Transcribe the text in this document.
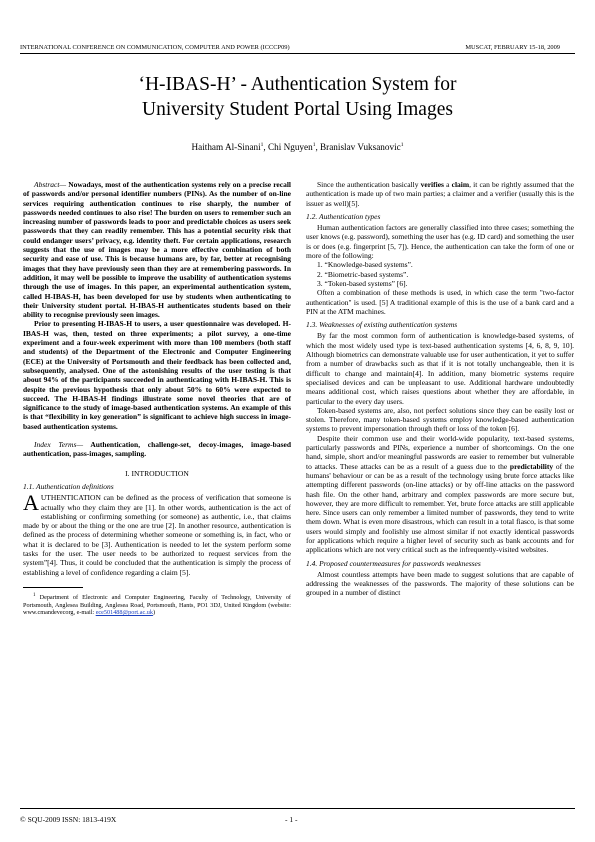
INTERNATIONAL CONFERENCE ON COMMUNICATION, COMPUTER AND POWER (ICCCP09)	MUSCAT, FEBRUARY 15-18, 2009
‘H-IBAS-H’ - Authentication System for
University Student Portal Using Images
Haitham Al-Sinani$^1$, Chi Nguyen$^1$, Branislav Vuksanovic$^1$

Abstract— Nowadays, most of the authentication systems rely on a precise recall of passwords and/or personal identifier numbers (PINs). As the number of on-line services requiring authentication continues to rise sharply, the number of passwords needed continues to also rise! The burden on users to remember such an increasing number of passwords leads to poor and predictable choices as users seek passwords that they can readily remember. This has a potential security risk that could endanger users’ privacy, e.g. identity theft. For certain applications, research suggests that the use of images may be a more effective combination of both security and ease of use. This is because humans are, by far, better at recognising images that they have previously seen than they are at remembering passwords. In addition, it may well be possible to improve the usability of authentication systems through the use of images. In this paper, an experimental authentication system, called H-IBAS-H, has been developed for use by students when authenticating to their University student portal. H-IBAS-H authenticates students based on their ability to recognise previously seen images.

Prior to presenting H-IBAS-H to users, a user questionnaire was developed. H-IBAS-H was, then, tested on three experiments; a pilot survey, a one-time experiment and a four-week experiment with more than 100 members (both staff and students) of the Department of the Electronic and Computer Engineering (ECE) at the University of Portsmouth and their feedback has been collected and, subsequently, analysed. One of the astonishing results of the user testing is that about 94% of the participants succeeded in authenticating with H-IBAS-H. This is despite the previous hypothesis that only about 50% to 60% were expected to succeed. The H-IBAS-H findings illustrate some novel theories that are of significance to the study of image-based authentication systems. An example of this is that “flexibility in key generation” is significant to achieve high success in image-based authentication systems.

Index Terms— Authentication, challenge-set, decoy-images, image-based authentication, pass-images, sampling.

I. INTRODUCTION

1.1. Authentication definitions

AUTHENTICATION can be defined as the process of verification that someone is actually who they claim they are [1]. In other words, authentication is the act of establishing or confirming something (or someone) as authentic, i.e., that claims made by or about the thing or the one are true [2]. In another resource, authentication is defined as the process of determining whether someone or something is, in fact, who or what it is declared to be [3]. Authentication is needed to let the system perform some tasks for the user. The user needs to be authorized to request services from the system”[4]. Thus, it could be concluded that the authentication is simply the process of establishing a level of confidence regarding a claim [5].

$^1$ Department of Electronic and Computer Engineering, Faculty of Technology, University of Portsmouth, Anglesea Building, Anglesea Road, Portsmouth, Hants, PO1 3DJ, United Kingdom (website: www.cmandevecorg, e-mail: ece501488@port.ac.uk)

Since the authentication basically verifies a claim, it can be rightly assumed that the authentication is made up of two main parties; a claimer and a verifier (usually this is the issuer as well)[5].

1.2. Authentication types

Human authentication factors are generally classified into three cases; something the user knows (e.g. password), something the user has (e.g. ID card) and something the user is or does (e.g. fingerprint [5, 7]). Hence, the authentication can take the form of one or more of the following:

1. “Knowledge-based systems”.

2. “Biometric-based systems”.

3. “Token-based systems” [6].

Often a combination of these methods is used, in which case the term "two-factor authentication" is used. [5] A traditional example of this is the use of a bank card and a PIN at the ATM machines.

1.3. Weaknesses of existing authentication systems

By far the most common form of authentication is knowledge-based systems, of which the most widely used type is text-based authentication systems [4, 6, 8, 9, 10]. Although biometrics can demonstrate valuable use for user authentication, it yet to suffer from a number of drawbacks such as that if it is not totally unchangeable, then it is difficult to change and maintain[4]. In addition, many biometric systems require specialised devices and can be unpleasant to use. Additional hardware undoubtedly means additional cost, which raises questions about whether they are affordable, in particular to the every day users.

Token-based systems are, also, not perfect solutions since they can be easily lost or stolen. Therefore, many token-based systems employ knowledge-based authentication systems to prevent impersonation through theft or loss of the token [6].

Despite their common use and their world-wide popularity, text-based systems, particularly passwords and PINs, experience a number of shortcomings. On the one hand, simple, short and/or meaningful passwords are easier to remember but vulnerable to attacks. These attacks can be as a result of a guess due to the predictability of the humans' behaviour or can be as a result of the technology using brute force attacks like attempting different passwords (on-line attacks) or by off-line attacks on the password hash file. On the other hand, arbitrary and complex passwords are more secure but, however, they are more difficult to remember. Yet, brute force attacks are still applicable here. Since users can only remember a limited number of passwords, they tend to write them down. What is even more disastrous, which can result in a total fiasco, is that some users would simply and foolishly use almost similar if not exactly identical passwords for applications which require a higher level of security such as bank accounts and for applications which are not very critical such as the infrequently-visited websites.

1.4. Proposed countermeasures for passwords weaknesses

Almost countless attempts have been made to suggest solutions that are capable of addressing the weaknesses of the passwords. The majority of these solutions can be grouped in a number of distinct

© SQU-2009 ISSN: 1813-419X	- 1 -
